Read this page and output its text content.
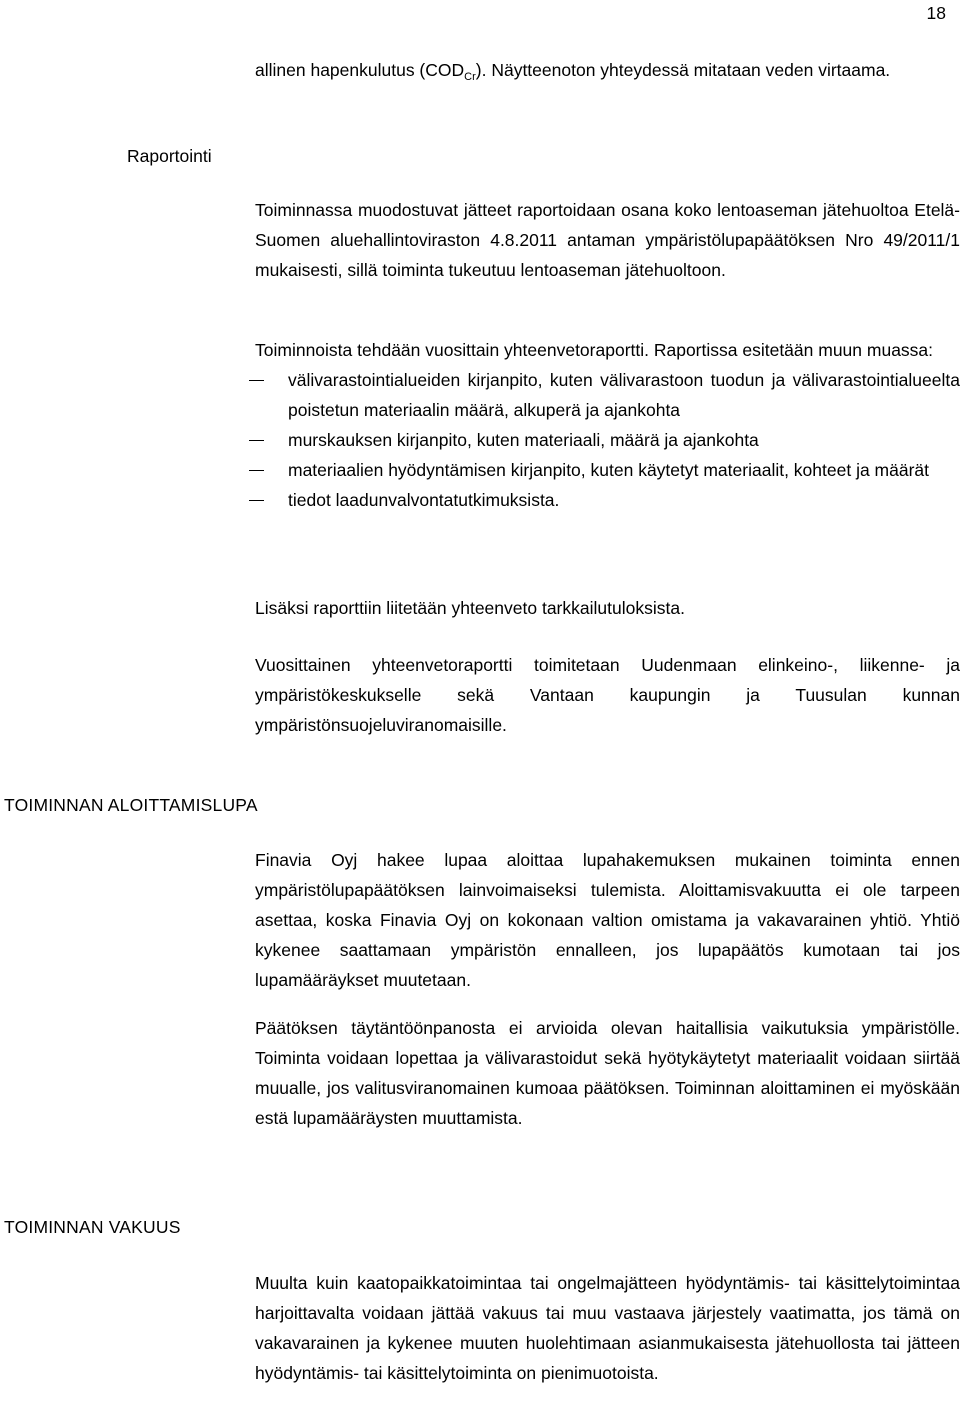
18

allinen hapenkulutus $(COD_{Cr})$. Näytteenoton yhteydessä mitataan veden virtaama.

Raportointi

Toiminnassa muodostuvat jätteet raportoidaan osana koko lentoaseman jätehuoltoa Etelä-Suomen aluehallintoviraston 4.8.2011 antaman ympäristölupapäätöksen Nro 49/2011/1 mukaisesti, sillä toiminta tukeutuu lentoaseman jätehuoltoon.

Toiminnoista tehdään vuosittain yhteenvetoraportti. Raportissa esitetään muun muassa:

välivarastointialueiden kirjanpito, kuten välivarastoon tuodun ja välivarastointialueelta poistetun materiaalin määrä, alkuperä ja ajankohta
murskauksen kirjanpito, kuten materiaali, määrä ja ajankohta
materiaalien hyödyntämisen kirjanpito, kuten käytetyt materiaalit, kohteet ja määrät
tiedot laadunvalvontatutkimuksista.

Lisäksi raporttiin liitetään yhteenveto tarkkailutuloksista.

Vuosittainen yhteenvetoraportti toimitetaan Uudenmaan elinkeino-, liikenne- ja ympäristökeskukselle sekä Vantaan kaupungin ja Tuusulan kunnan ympäristönsuojeluviranomaisille.

TOIMINNAN ALOITTAMISLUPA

Finavia Oyj hakee lupaa aloittaa lupahakemuksen mukainen toiminta ennen ympäristölupapäätöksen lainvoimaiseksi tulemista. Aloittamisvakuutta ei ole tarpeen asettaa, koska Finavia Oyj on kokonaan valtion omistama ja vakavarainen yhtiö. Yhtiö kykenee saattamaan ympäristön ennalleen, jos lupapäätös kumotaan tai jos lupamääräykset muutetaan.

Päätöksen täytäntöönpanosta ei arvioida olevan haitallisia vaikutuksia ympäristölle. Toiminta voidaan lopettaa ja välivarastoidut sekä hyötykäytetyt materiaalit voidaan siirtää muualle, jos valitusviranomainen kumoaa päätöksen. Toiminnan aloittaminen ei myöskään estä lupamääräysten muuttamista.

TOIMINNAN VAKUUS

Muulta kuin kaatopaikkatoimintaa tai ongelmajätteen hyödyntämis- tai käsittelytoimintaa harjoittavalta voidaan jättää vakuus tai muu vastaava järjestely vaatimatta, jos tämä on vakavarainen ja kykenee muuten huolehtimaan asianmukaisesta jätehuollosta tai jätteen hyödyntämis- tai käsittelytoiminta on pienimuotoista.
